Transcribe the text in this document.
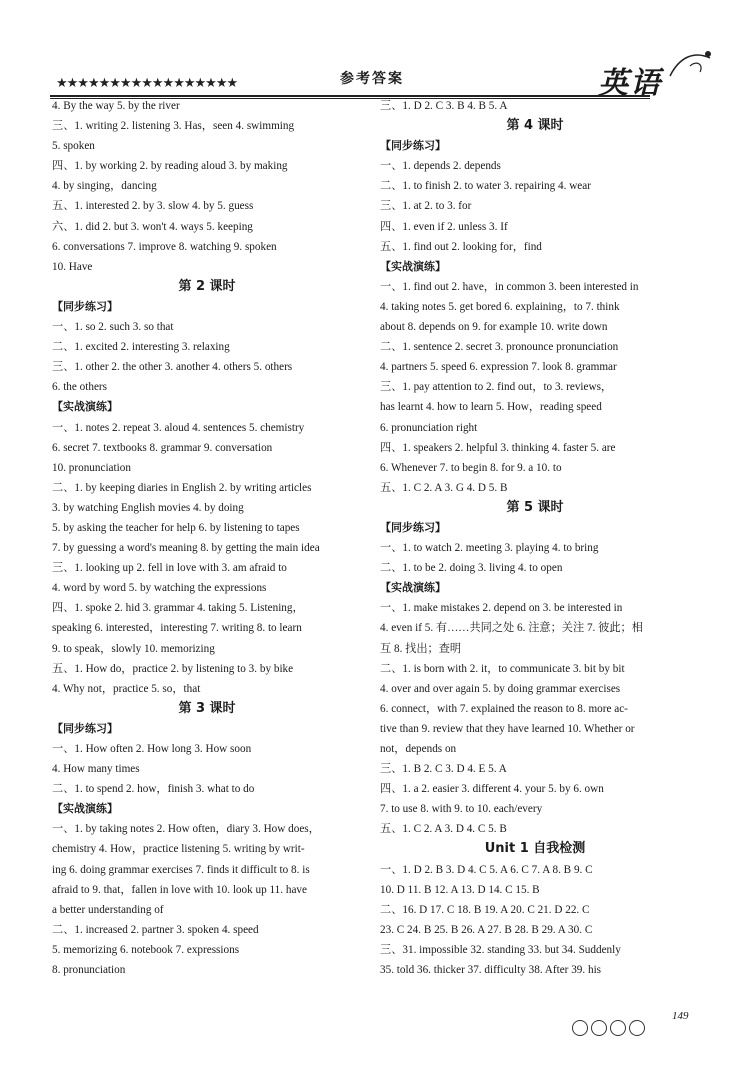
★★★★★★★★★★★★★★★★★	参考答案	英语
4. By the way 5. by the river
三、1. writing 2. listening 3. Has，seen 4. swimming
5. spoken
四、1. by working 2. by reading aloud 3. by making
4. by singing，dancing
五、1. interested 2. by 3. slow 4. by 5. guess
六、1. did 2. but 3. won't 4. ways 5. keeping
6. conversations 7. improve 8. watching 9. spoken
10. Have
第 2 课时
【同步练习】
一、1. so 2. such 3. so that
二、1. excited 2. interesting 3. relaxing
三、1. other 2. the other 3. another 4. others 5. others
6. the others
【实战演练】
一、1. notes 2. repeat 3. aloud 4. sentences 5. chemistry
6. secret 7. textbooks 8. grammar 9. conversation
10. pronunciation
二、1. by keeping diaries in English 2. by writing articles
3. by watching English movies 4. by doing
5. by asking the teacher for help 6. by listening to tapes
7. by guessing a word's meaning 8. by getting the main idea
三、1. looking up 2. fell in love with 3. am afraid to
4. word by word 5. by watching the expressions
四、1. spoke 2. hid 3. grammar 4. taking 5. Listening，
speaking 6. interested，interesting 7. writing 8. to learn
9. to speak，slowly 10. memorizing
五、1. How do，practice 2. by listening to 3. by bike
4. Why not，practice 5. so，that
第 3 课时
【同步练习】
一、1. How often 2. How long 3. How soon
4. How many times
二、1. to spend 2. how，finish 3. what to do
【实战演练】
一、1. by taking notes 2. How often，diary 3. How does，
chemistry 4. How，practice listening 5. writing by writ-
ing 6. doing grammar exercises 7. finds it difficult to 8. is
afraid to 9. that，fallen in love with 10. look up 11. have
a better understanding of
二、1. increased 2. partner 3. spoken 4. speed
5. memorizing 6. notebook 7. expressions
8. pronunciation
三、1. D 2. C 3. B 4. B 5. A
第 4 课时
【同步练习】
一、1. depends 2. depends
二、1. to finish 2. to water 3. repairing 4. wear
三、1. at 2. to 3. for
四、1. even if 2. unless 3. If
五、1. find out 2. looking for，find
【实战演练】
一、1. find out 2. have，in common 3. been interested in
4. taking notes 5. get bored 6. explaining，to 7. think
about 8. depends on 9. for example 10. write down
二、1. sentence 2. secret 3. pronounce pronunciation
4. partners 5. speed 6. expression 7. look 8. grammar
三、1. pay attention to 2. find out，to 3. reviews，
has learnt 4. how to learn 5. How，reading speed
6. pronunciation right
四、1. speakers 2. helpful 3. thinking 4. faster 5. are
6. Whenever 7. to begin 8. for 9. a 10. to
五、1. C 2. A 3. G 4. D 5. B
第 5 课时
【同步练习】
一、1. to watch 2. meeting 3. playing 4. to bring
二、1. to be 2. doing 3. living 4. to open
【实战演练】
一、1. make mistakes 2. depend on 3. be interested in
4. even if 5. 有……共同之处 6. 注意；关注 7. 彼此；相
互 8. 找出；查明
二、1. is born with 2. it，to communicate 3. bit by bit
4. over and over again 5. by doing grammar exercises
6. connect，with 7. explained the reason to 8. more ac-
tive than 9. review that they have learned 10. Whether or
not，depends on
三、1. B 2. C 3. D 4. E 5. A
四、1. a 2. easier 3. different 4. your 5. by 6. own
7. to use 8. with 9. to 10. each/every
五、1. C 2. A 3. D 4. C 5. B
Unit 1 自我检测
一、1. D 2. B 3. D 4. C 5. A 6. C 7. A 8. B 9. C
10. D 11. B 12. A 13. D 14. C 15. B
二、16. D 17. C 18. B 19. A 20. C 21. D 22. C
23. C 24. B 25. B 26. A 27. B 28. B 29. A 30. C
三、31. impossible 32. standing 33. but 34. Suddenly
35. told 36. thicker 37. difficulty 38. After 39. his
149
